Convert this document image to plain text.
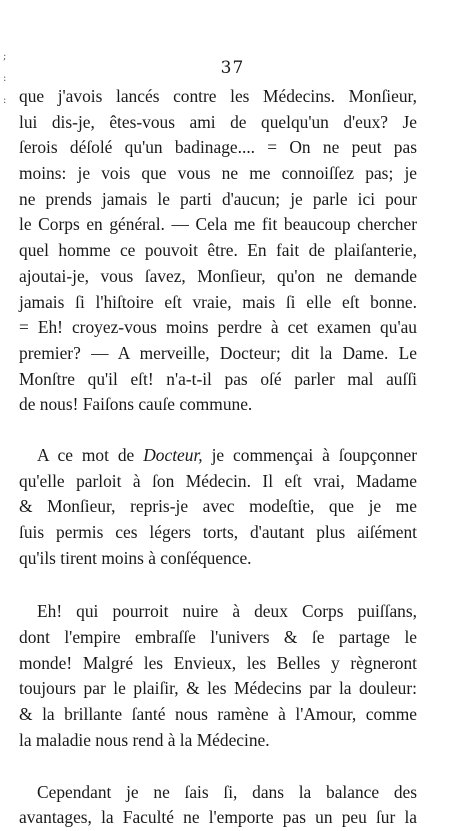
;
:
:
37
que j'avois lancés contre les Médecins. Monſieur,
lui dis-je, êtes-vous ami de quelqu'un d'eux? Je
ſerois déſolé qu'un badinage.... = On ne peut pas
moins: je vois que vous ne me connoiſſez pas; je
ne prends jamais le parti d'aucun; je parle ici pour
le Corps en général. — Cela me fit beaucoup chercher
quel homme ce pouvoit être. En fait de plaiſanterie,
ajoutai-je, vous ſavez, Monſieur, qu'on ne demande
jamais ſi l'hiſtoire eſt vraie, mais ſi elle eſt bonne.
= Eh! croyez-vous moins perdre à cet examen qu'au
premier? — A merveille, Docteur; dit la Dame. Le
Monſtre qu'il eſt! n'a-t-il pas oſé parler mal auſſi
de nous! Faiſons cauſe commune.
A ce mot de Docteur, je commençai à ſoupçonner
qu'elle parloit à ſon Médecin. Il eſt vrai, Madame
& Monſieur, repris-je avec modeſtie, que je me
ſuis permis ces légers torts, d'autant plus aiſément
qu'ils tirent moins à conſéquence.
Eh! qui pourroit nuire à deux Corps puiſſans,
dont l'empire embraſſe l'univers & ſe partage le
monde! Malgré les Envieux, les Belles y règneront
toujours par le plaiſir, & les Médecins par la douleur:
& la brillante ſanté nous ramène à l'Amour, comme
la maladie nous rend à la Médecine.
Cependant je ne ſais ſi, dans la balance des
avantages, la Faculté ne l'emporte pas un peu ſur la
